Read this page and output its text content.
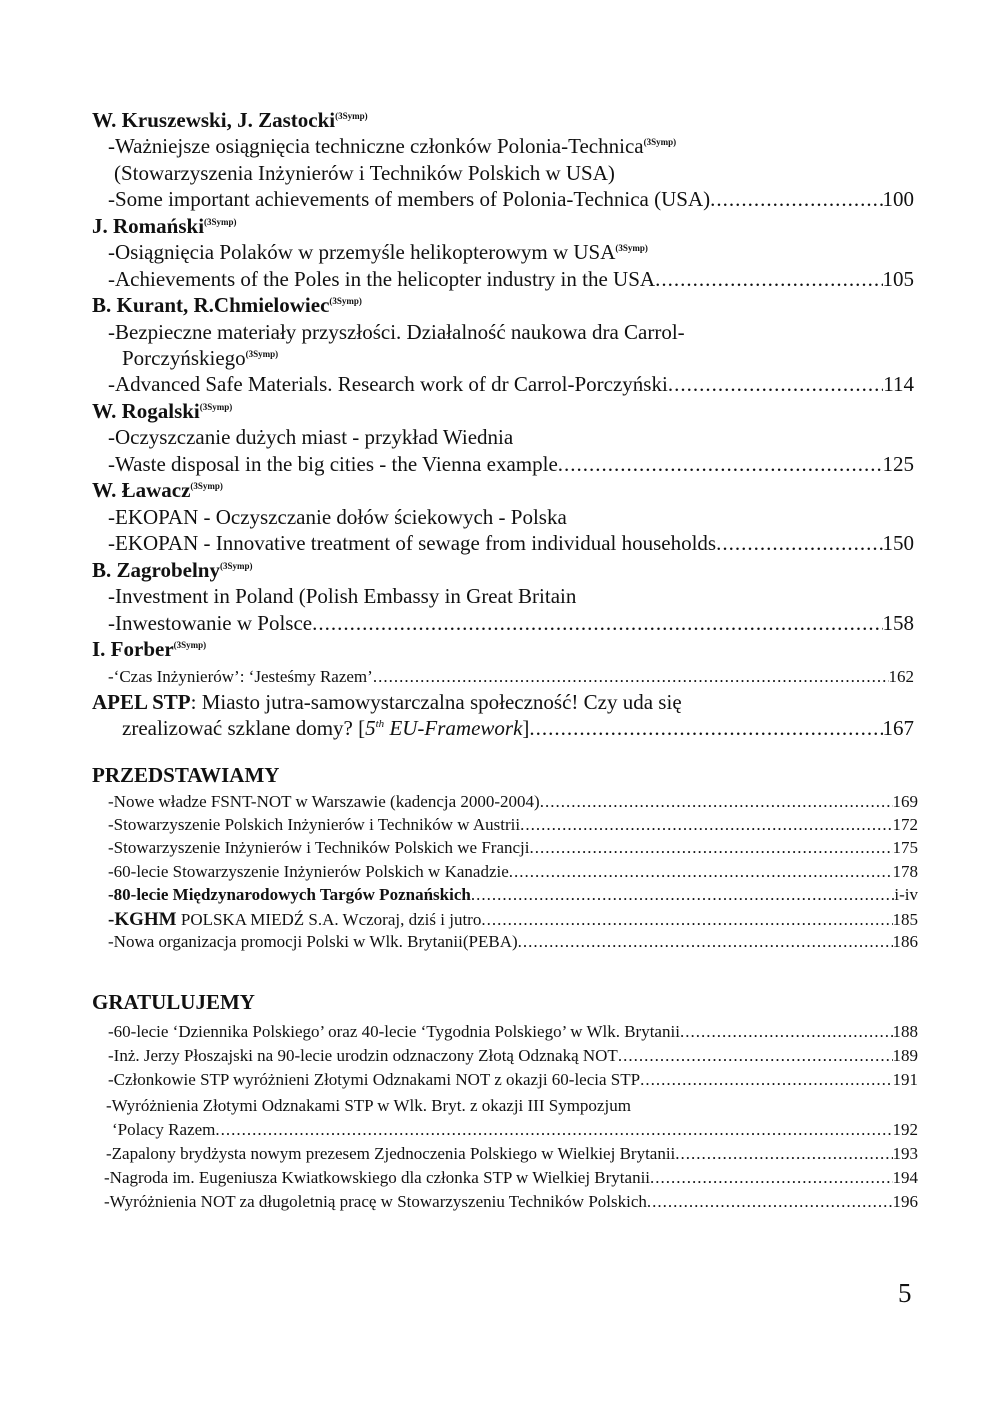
W. Kruszewski, J. Zastocki$^{(3Symp)}$
-Ważniejsze osiągnięcia techniczne członków Polonia-Technica$^{(3Symp)}$
(Stowarzyszenia Inżynierów i Techników Polskich w USA)
-Some important achievements of members of Polonia-Technica (USA) .....	100
J. Romański$^{(3Symp)}$
-Osiągnięcia Polaków w przemyśle helikopterowym w $USA^{(3Symp)}$
-Achievements of the Poles in the helicopter industry in the USA .....	105
B. Kurant, R.Chmielowiec$^{(3Symp)}$
-Bezpieczne materiały przyszłości. Działalność naukowa dra Carrol-
Porczyńskiego$^{(3Symp)}$
-Advanced Safe Materials. Research work of dr Carrol-Porczyński .....	114
W. Rogalski$^{(3Symp)}$
-Oczyszczanie dużych miast - przykład Wiednia
-Waste disposal in the big cities - the Vienna example .....	125
W. Ławacz$^{(3Symp)}$
-EKOPAN - Oczyszczanie dołów ściekowych - Polska
-EKOPAN - Innovative treatment of sewage from individual households .....	150
B. Zagrobelny$^{(3Symp)}$
-Investment in Poland (Polish Embassy in Great Britain
-Inwestowanie w Polsce .....	158
I. Forber$^{(3Symp)}$
-‘Czas Inżynierów’: ‘Jesteśmy Razem’ .....	162
APEL STP: Miasto jutra-samowystarczalna społeczność! Czy uda się
zrealizować szklane domy? [5th EU-Framework] .....	167
PRZEDSTAWIAMY
-Nowe władze FSNT-NOT w Warszawie (kadencja 2000-2004) .....	169
-Stowarzyszenie Polskich Inżynierów i Techników w Austrii .....	172
-Stowarzyszenie Inżynierów i Techników Polskich we Francji .....	175
-60-lecie Stowarzyszenie Inżynierów Polskich w Kanadzie .....	178
-80-lecie Międzynarodowych Targów Poznańskich .....	i-iv
-KGHM POLSKA MIEDŹ S.A. Wczoraj, dziś i jutro .....	185
-Nowa organizacja promocji Polski w Wlk. Brytanii(PEBA) .....	186
GRATULUJEMY
-60-lecie ‘Dziennika Polskiego’ oraz 40-lecie ‘Tygodnia Polskiego’ w Wlk. Brytanii .....	188
-Inż. Jerzy Płoszajski na 90-lecie urodzin odznaczony Złotą Odznaką NOT .....	189
-Członkowie STP wyróżnieni Złotymi Odznakami NOT z okazji 60-lecia STP .....	191
-Wyróżnienia Złotymi Odznakami STP w Wlk. Bryt. z okazji III Sympozjum
‘Polacy Razem .....	192
-Zapalony brydżysta nowym prezesem Zjednoczenia Polskiego w Wielkiej Brytanii .....	193
-Nagroda im. Eugeniusza Kwiatkowskiego dla członka STP w Wielkiej Brytanii .....	194
-Wyróżnienia NOT za długoletnią pracę w Stowarzyszeniu Techników Polskich .....	196
5
